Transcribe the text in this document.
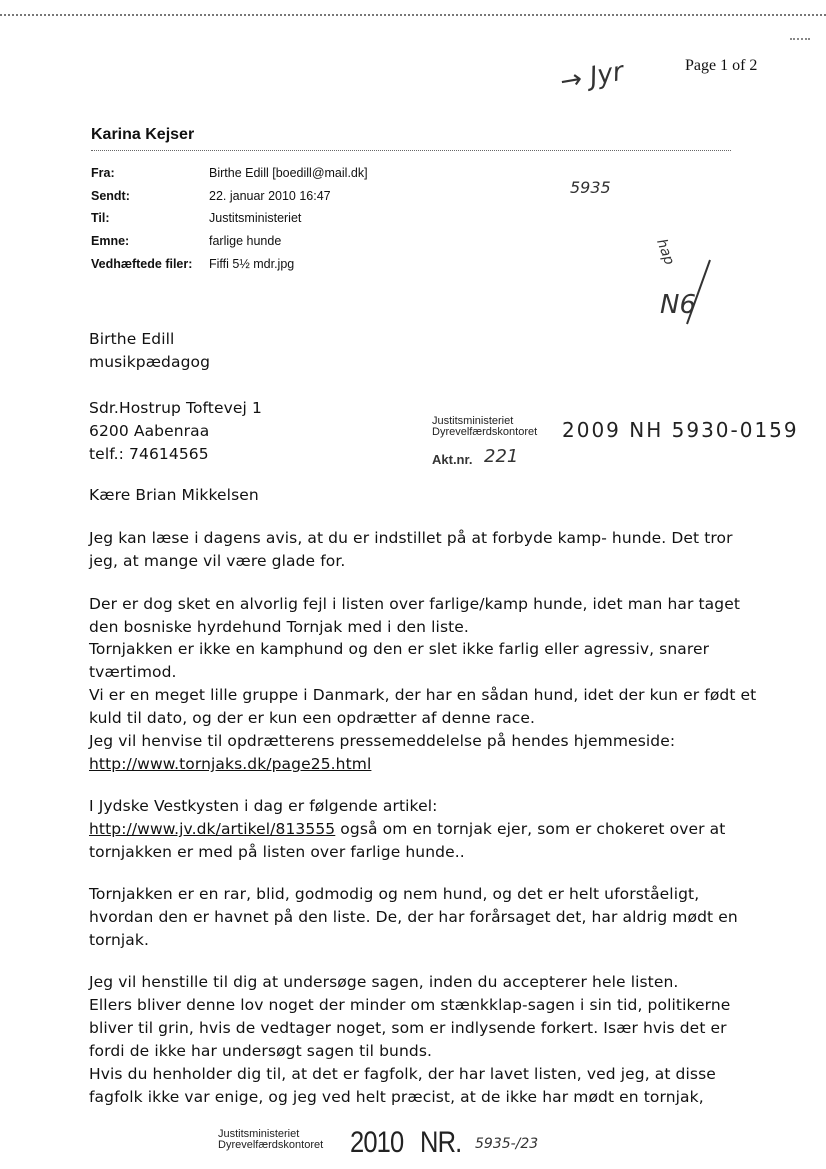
Page 1 of 2
→ Jyr
5935
hap
N6
Karina Kejser
Fra:	Birthe Edill [boedill@mail.dk]
Sendt:	22. januar 2010 16:47
Til:	Justitsministeriet
Emne:	farlige hunde
Vedhæftede filer: Fiffi 5½ mdr.jpg
Birthe Edill
musikpædagog
Sdr.Hostrup Toftevej 1
6200 Aabenraa
telf.: 74614565
Justitsministeriet
Dyrevelfærdskontoret 2009 NH 5930-0159
Akt.nr. 221
Kære Brian Mikkelsen
Jeg kan læse i dagens avis, at du er indstillet på at forbyde kamp- hunde. Det tror
jeg, at mange vil være glade for.
Der er dog sket en alvorlig fejl i listen over farlige/kamp hunde, idet man har taget
den bosniske hyrdehund Tornjak med i den liste.
Tornjakken er ikke en kamphund og den er slet ikke farlig eller agressiv, snarer
tværtimod.
Vi er en meget lille gruppe i Danmark, der har en sådan hund, idet der kun er født et
kuld til dato, og der er kun een opdrætter af denne race.
Jeg vil henvise til opdrætterens pressemeddelelse på hendes hjemmeside:
http://www.tornjaks.dk/page25.html
I Jydske Vestkysten i dag er følgende artikel:
http://www.jv.dk/artikel/813555 også om en tornjak ejer, som er chokeret over at
tornjakken er med på listen over farlige hunde..
Tornjakken er en rar, blid, godmodig og nem hund, og det er helt uforståeligt,
hvordan den er havnet på den liste. De, der har forårsaget det, har aldrig mødt en
tornjak.
Jeg vil henstille til dig at undersøge sagen, inden du accepterer hele listen.
Ellers bliver denne lov noget der minder om stænkklap-sagen i sin tid, politikerne
bliver til grin, hvis de vedtager noget, som er indlysende forkert. Især hvis det er
fordi de ikke har undersøgt sagen til bunds.
Hvis du henholder dig til, at det er fagfolk, der har lavet listen, ved jeg, at disse
fagfolk ikke var enige, og jeg ved helt præcist, at de ikke har mødt en tornjak,
Justitsministeriet
Dyrevelfærdskontoret 2010 NR. 5935-/23
